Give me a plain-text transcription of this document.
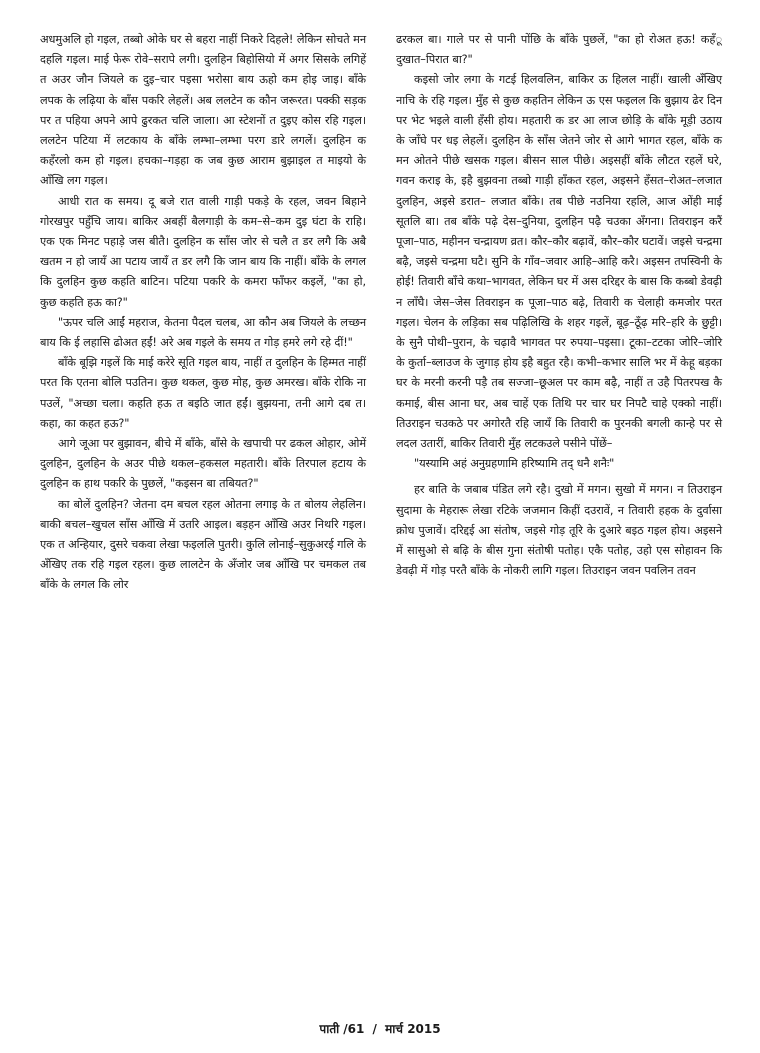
अधमुअलि हो गइल, तब्बो ओके घर से बहरा नाहीं निकरे दिहले! लेकिन सोचते मन दहलि गइल। माई फेरू रोवे–सरापे लगी। दुलहिन बिहोसियो में अगर सिसके लगिहें त अउर जौन जियले क दुइ–चार पइसा भरोसा बाय ऊहो कम होइ जाइ। बाँके लपक के लढ़िया के बाँस पकरि लेहलें। अब ललटेन क कौन जरूरत। पक्की सड़क पर त पहिया अपने आपे ढुरकत चलि जाला। आ स्टेशनों त दुइए कोस रहि गइल। ललटेन पटिया में लटकाय के बाँके लम्भा–लम्भा परग डारे लगलें। दुलहिन क कहँरलो कम हो गइल। हचका–गड़हा क जब कुछ आराम बुझाइल त माइयो के आँखि लग गइल।

आधी रात क समय। दू बजे रात वाली गाड़ी पकड़े के रहल, जवन बिहाने गोरखपुर पहुँचि जाय। बाकिर अबहीं बैलगाड़ी के कम–से–कम दुइ घंटा के राहि। एक एक मिनट पहाड़े जस बीतै। दुलहिन क साँस जोर से चलै त डर लगै कि अबै खतम न हो जायँ आ पटाय जायँ त डर लगै कि जान बाय कि नाहीं। बाँके के लगल कि दुलहिन कुछ कहति बाटिन। पटिया पकरि के कमरा फाँफर कइलें, "का हो, कुछ कहति हऊ का?"

"ऊपर चलि आईं महराज, केतना पैदल चलब, आ कौन अब जियले के लच्छन बाय कि ई लहासि ढोअत हईं! अरे अब गइले के समय त गोड़ हमरे लगे रहे दीं!"

बाँके बूझि गइलें कि माई करेरे सूति गइल बाय, नाहीं त दुलहिन के हिम्मत नाहीं परत कि एतना बोलि पउतिन। कुछ थकल, कुछ मोह, कुछ अमरख। बाँके रोकि ना पउलें, "अच्छा चला। कहति हऊ त बइठि जात हईं। बुझयना, तनी आगे दब त। कहा, का कहत हऊ?"

आगे जूआ पर बुझावन, बीचे में बाँके, बाँसे के खपाची पर ढकल ओहार, ओमें दुलहिन, दुलहिन के अउर पीछे थकल–हकसल महतारी। बाँके तिरपाल हटाय के दुलहिन क हाथ पकरि के पुछलें, "कइसन बा तबियत?"

का बोलें दुलहिन? जेतना दम बचल रहल ओतना लगाइ के त बोलय लेहलिन। बाकी बचल–खुचल साँस आँखि में उतरि आइल। बड़हन आँखि अउर निथरि गइल। एक त अन्हियार, दुसरे चकवा लेखा फइललि पुतरी। कुलि लोनाई–सुकुअरई गलि के अँखिए तक रहि गइल रहल। कुछ लालटेन के अँजोर जब आँखि पर चमकल तब बाँके के लगल कि लोर

ढरकल बा। गाले पर से पानी पोंछि के बाँके पुछलें, "का हो रोअत हऊ! कहँू दुखात–पिरात बा?"

कइसो जोर लगा के गटई हिलवलिन, बाकिर ऊ हिलल नाहीं। खाली अँखिए नाचि के रहि गइल। मुँह से कुछ कहतिन लेकिन ऊ एस फइलल कि बुझाय ढेर दिन पर भेट भइले वाली हँसी होय। महतारी क डर आ लाज छोड़ि के बाँके मूड़ी उठाय के जाँघे पर धइ लेहलें। दुलहिन के साँस जेतने जोर से आगे भागत रहल, बाँके क मन ओतने पीछे खसक गइल। बीसन साल पीछे। अइसहीं बाँके लौटत रहलें घरे, गवन कराइ के, इहै बुझवना तब्बो गाड़ी हाँकत रहल, अइसने हँसत–रोअत–लजात दुलहिन, अइसे डरात– लजात बाँके। तब पीछे नउनिया रहलि, आज ओंही माई सूतलि बा। तब बाँके पढ़े देस–दुनिया, दुलहिन पढ़ै चउका अँगना। तिवराइन करैं पूजा–पाठ, महीनन चन्द्रायण व्रत। कौर–कौर बढ़ावें, कौर–कौर घटावें। जइसे चन्द्रमा बढ़ै, जइसे चन्द्रमा घटै। सुनि के गाँव–जवार आहि–आहि करै। अइसन तपस्विनी के होई! तिवारी बाँचे कथा–भागवत, लेकिन घर में अस दरिद्दर के बास कि कब्बो डेवढ़ी न लाँघै। जेस–जेस तिवराइन क पूजा–पाठ बढ़े, तिवारी क चेलाही कमजोर परत गइल। चेलन के लड़िका सब पढ़िलिखि के शहर गइलें, बूढ़–ठूँढ़ मरि–हरि के छुट्टी। के सुनै पोथी–पुरान, के चढ़ावै भागवत पर रुपया–पइसा। टूका–टटका जोरि–जोरि के कुर्ता–ब्लाउज के जुगाड़ होय इहै बहुत रहै। कभी–कभार सालि भर में केहू बड़का घर के मरनी करनी पड़ै तब सज्जा–छूअल पर काम बढ़ै, नाहीं त उहै पितरपख कै कमाई, बीस आना घर, अब चाहें एक तिथि पर चार घर निपटै चाहे एक्को नाहीं। तिउराइन चउकठे पर अगोरतै रहि जायँ कि तिवारी क पुरनकी बगली कान्हे पर से लदल उतारीं, बाकिर तिवारी मुँह लटकउले पसीने पोंछें–

"यस्यामि अहं अनुग्रहणामि हरिष्यामि तद् धनै शनैः"

हर बाति के जबाब पंडित लगे रहै। दुखो में मगन। सुखो में मगन। न तिउराइन सुदामा के मेहरारू लेखा रटिके जजमान किहीं दउरावें, न तिवारी हहक के दुर्वासा क्रोध पुजावें। दरिद्दई आ संतोष, जइसे गोड़ तूरि के दुआरे बइठ गइल होय। अइसने में सासुओ से बढ़ि के बीस गुना संतोषी पतोह। एकै पतोह, उहो एस सोहावन कि डेवढ़ी में गोड़ परतै बाँके के नोकरी लागि गइल। तिउराइन जवन पवलिन तवन

पाती /61 / मार्च 2015
